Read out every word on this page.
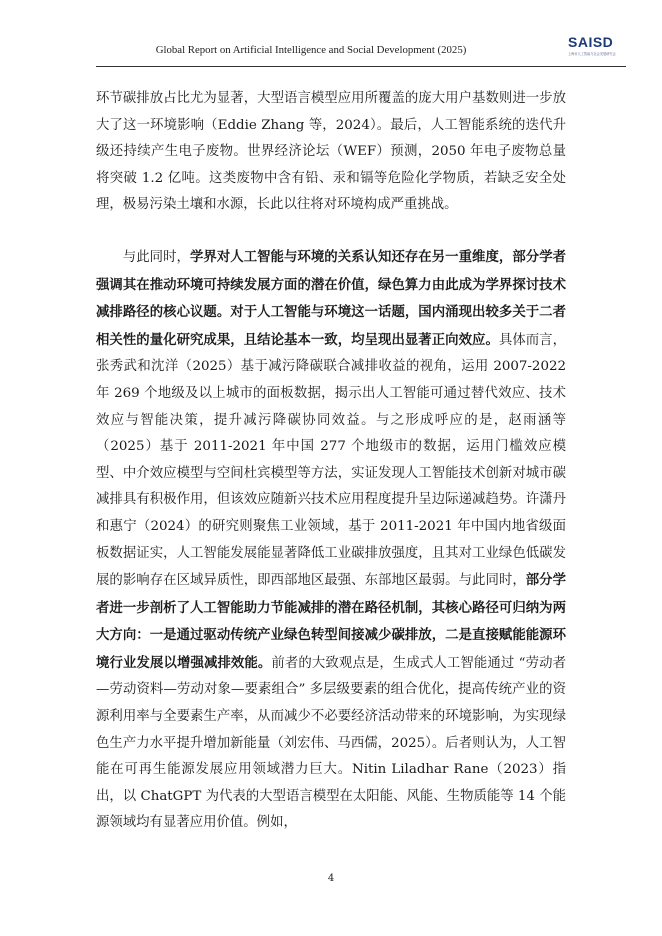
Global Report on Artificial Intelligence and Social Development (2025)	SAISD
上海市人工智能与社会发展研究会

环节碳排放占比尤为显著，大型语言模型应用所覆盖的庞大用户基数则进一步放大了这一环境影响（Eddie Zhang 等，2024）。最后，人工智能系统的迭代升级还持续产生电子废物。世界经济论坛（WEF）预测，2050 年电子废物总量将突破 1.2 亿吨。这类废物中含有铅、汞和镉等危险化学物质，若缺乏安全处理，极易污染土壤和水源，长此以往将对环境构成严重挑战。

与此同时，学界对人工智能与环境的关系认知还存在另一重维度，部分学者强调其在推动环境可持续发展方面的潜在价值，绿色算力由此成为学界探讨技术减排路径的核心议题。对于人工智能与环境这一话题，国内涌现出较多关于二者相关性的量化研究成果，且结论基本一致，均呈现出显著正向效应。具体而言，张秀武和沈洋（2025）基于减污降碳联合减排收益的视角，运用 2007-2022 年 269 个地级及以上城市的面板数据，揭示出人工智能可通过替代效应、技术效应与智能决策，提升减污降碳协同效益。与之形成呼应的是，赵雨涵等（2025）基于 2011-2021 年中国 277 个地级市的数据，运用门槛效应模型、中介效应模型与空间杜宾模型等方法，实证发现人工智能技术创新对城市碳减排具有积极作用，但该效应随新兴技术应用程度提升呈边际递减趋势。许潇丹和惠宁（2024）的研究则聚焦工业领域，基于 2011-2021 年中国内地省级面板数据证实，人工智能发展能显著降低工业碳排放强度，且其对工业绿色低碳发展的影响存在区域异质性，即西部地区最强、东部地区最弱。与此同时，部分学者进一步剖析了人工智能助力节能减排的潜在路径机制，其核心路径可归纳为两大方向：一是通过驱动传统产业绿色转型间接减少碳排放，二是直接赋能能源环境行业发展以增强减排效能。前者的大致观点是，生成式人工智能通过 “劳动者—劳动资料—劳动对象—要素组合” 多层级要素的组合优化，提高传统产业的资源利用率与全要素生产率，从而减少不必要经济活动带来的环境影响，为实现绿色生产力水平提升增加新能量（刘宏伟、马西儒，2025）。后者则认为，人工智能在可再生能源发展应用领域潜力巨大。Nitin Liladhar Rane（2023）指出，以 ChatGPT 为代表的大型语言模型在太阳能、风能、生物质能等 14 个能源领域均有显著应用价值。例如，

4
